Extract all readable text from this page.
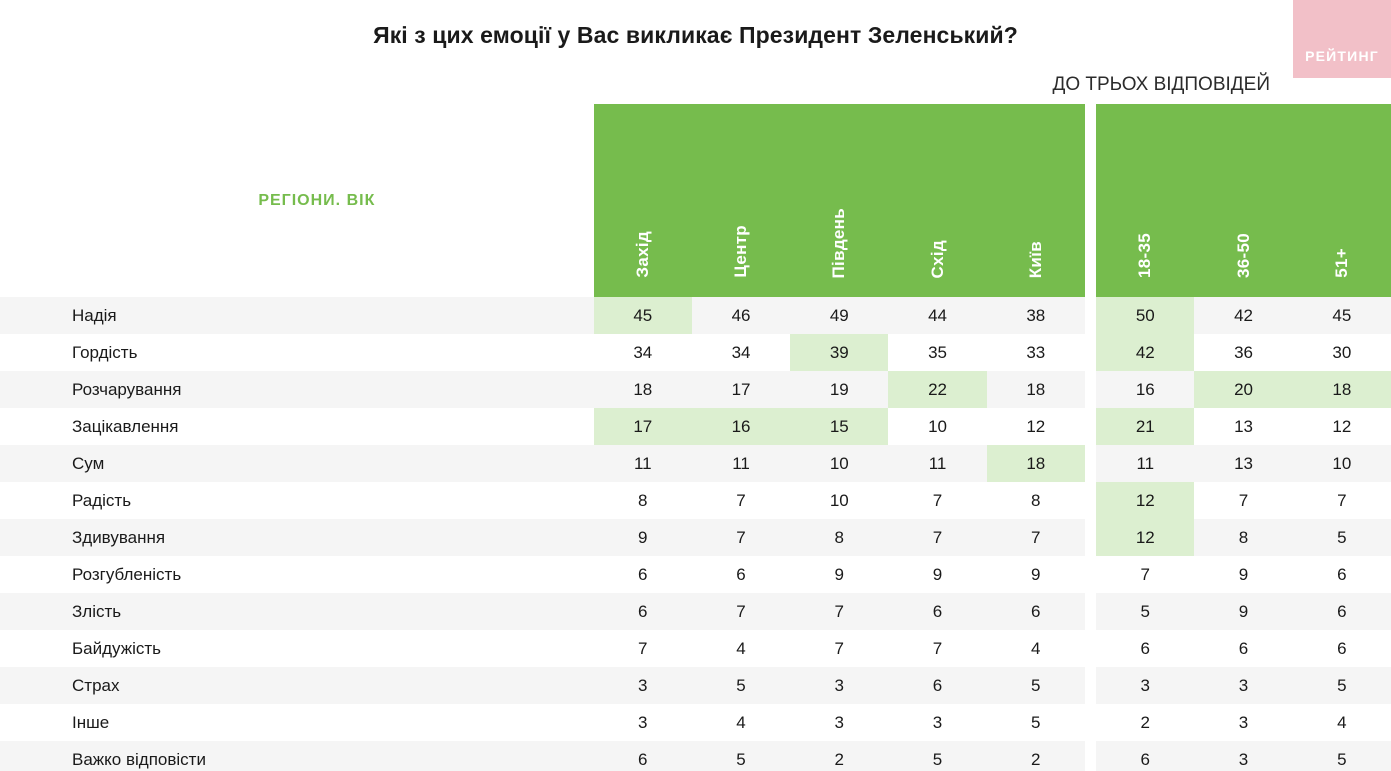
Які з цих емоції у Вас викликає Президент Зеленський?
ДО ТРЬОХ ВІДПОВІДЕЙ
РЕЙТИНГ
РЕГІОНИ. ВІК	Захід	Центр	Південь	Схід	Київ		18-35	36-50	51+
Надія	45	46	49	44	38		50	42	45
Гордість	34	34	39	35	33		42	36	30
Розчарування	18	17	19	22	18		16	20	18
Зацікавлення	17	16	15	10	12		21	13	12
Сум	11	11	10	11	18		11	13	10
Радість	8	7	10	7	8		12	7	7
Здивування	9	7	8	7	7		12	8	5
Розгубленість	6	6	9	9	9		7	9	6
Злість	6	7	7	6	6		5	9	6
Байдужість	7	4	7	7	4		6	6	6
Страх	3	5	3	6	5		3	3	5
Інше	3	4	3	3	5		2	3	4
Важко відповісти	6	5	2	5	2		6	3	5
